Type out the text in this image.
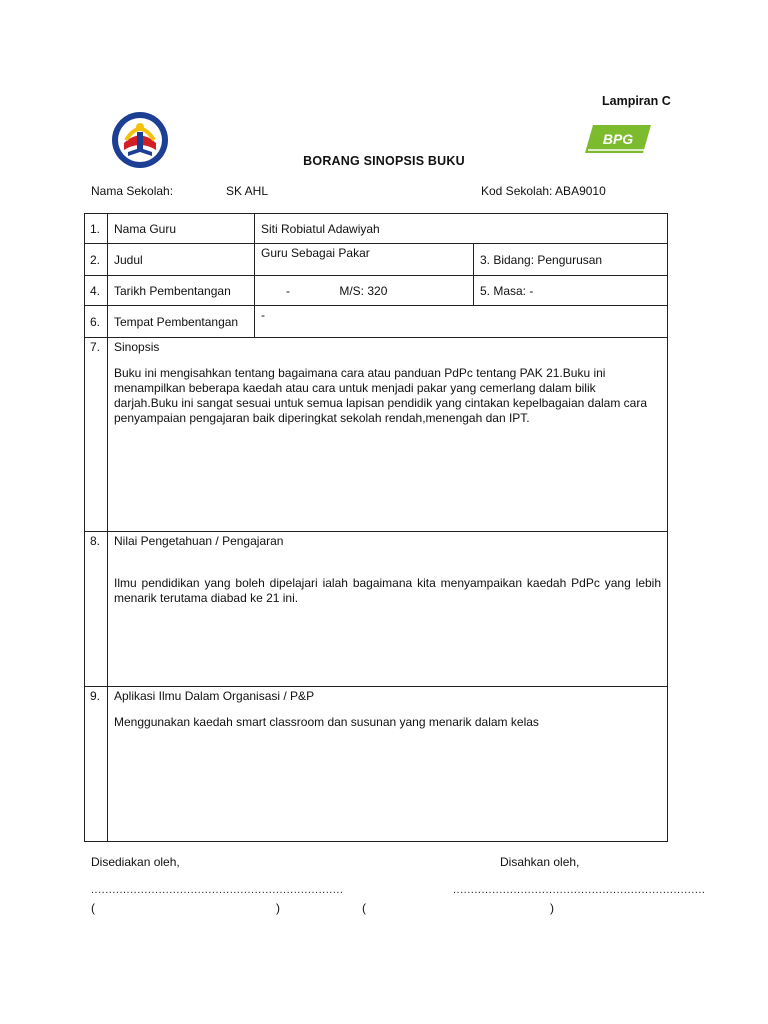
Lampiran C
BPG
BORANG SINOPSIS BUKU
Nama Sekolah:	SK AHL	Kod Sekolah: ABA9010
1.	Nama Guru	Siti Robiatul Adawiyah	
2.	Judul	Guru Sebagai Pakar	3. Bidang: Pengurusan
4.	Tarikh Pembentangan	- M/S: 320	5. Masa: -
6.	Tempat Pembentangan	-	
7.	Sinopsis

Buku ini mengisahkan tentang bagaimana cara atau panduan PdPc tentang PAK 21.Buku ini menampilkan beberapa kaedah atau cara untuk menjadi pakar yang cemerlang dalam bilik darjah.Buku ini sangat sesuai untuk semua lapisan pendidik yang cintakan kepelbagaian dalam cara penyampaian pengajaran baik diperingkat sekolah rendah,menengah dan IPT.		

8.	Nilai Pengetahuan / Pengajaran

Ilmu pendidikan yang boleh dipelajari ialah bagaimana kita menyampaikan kaedah PdPc yang lebih menarik terutama diabad ke 21 ini.		

9.	Aplikasi Ilmu Dalam Organisasi / P&P

Menggunakan kaedah smart classroom dan susunan yang menarik dalam kelas		

Disediakan oleh,	Disahkan oleh,
.......................................................................	.......................................................................
(	)	(	)
